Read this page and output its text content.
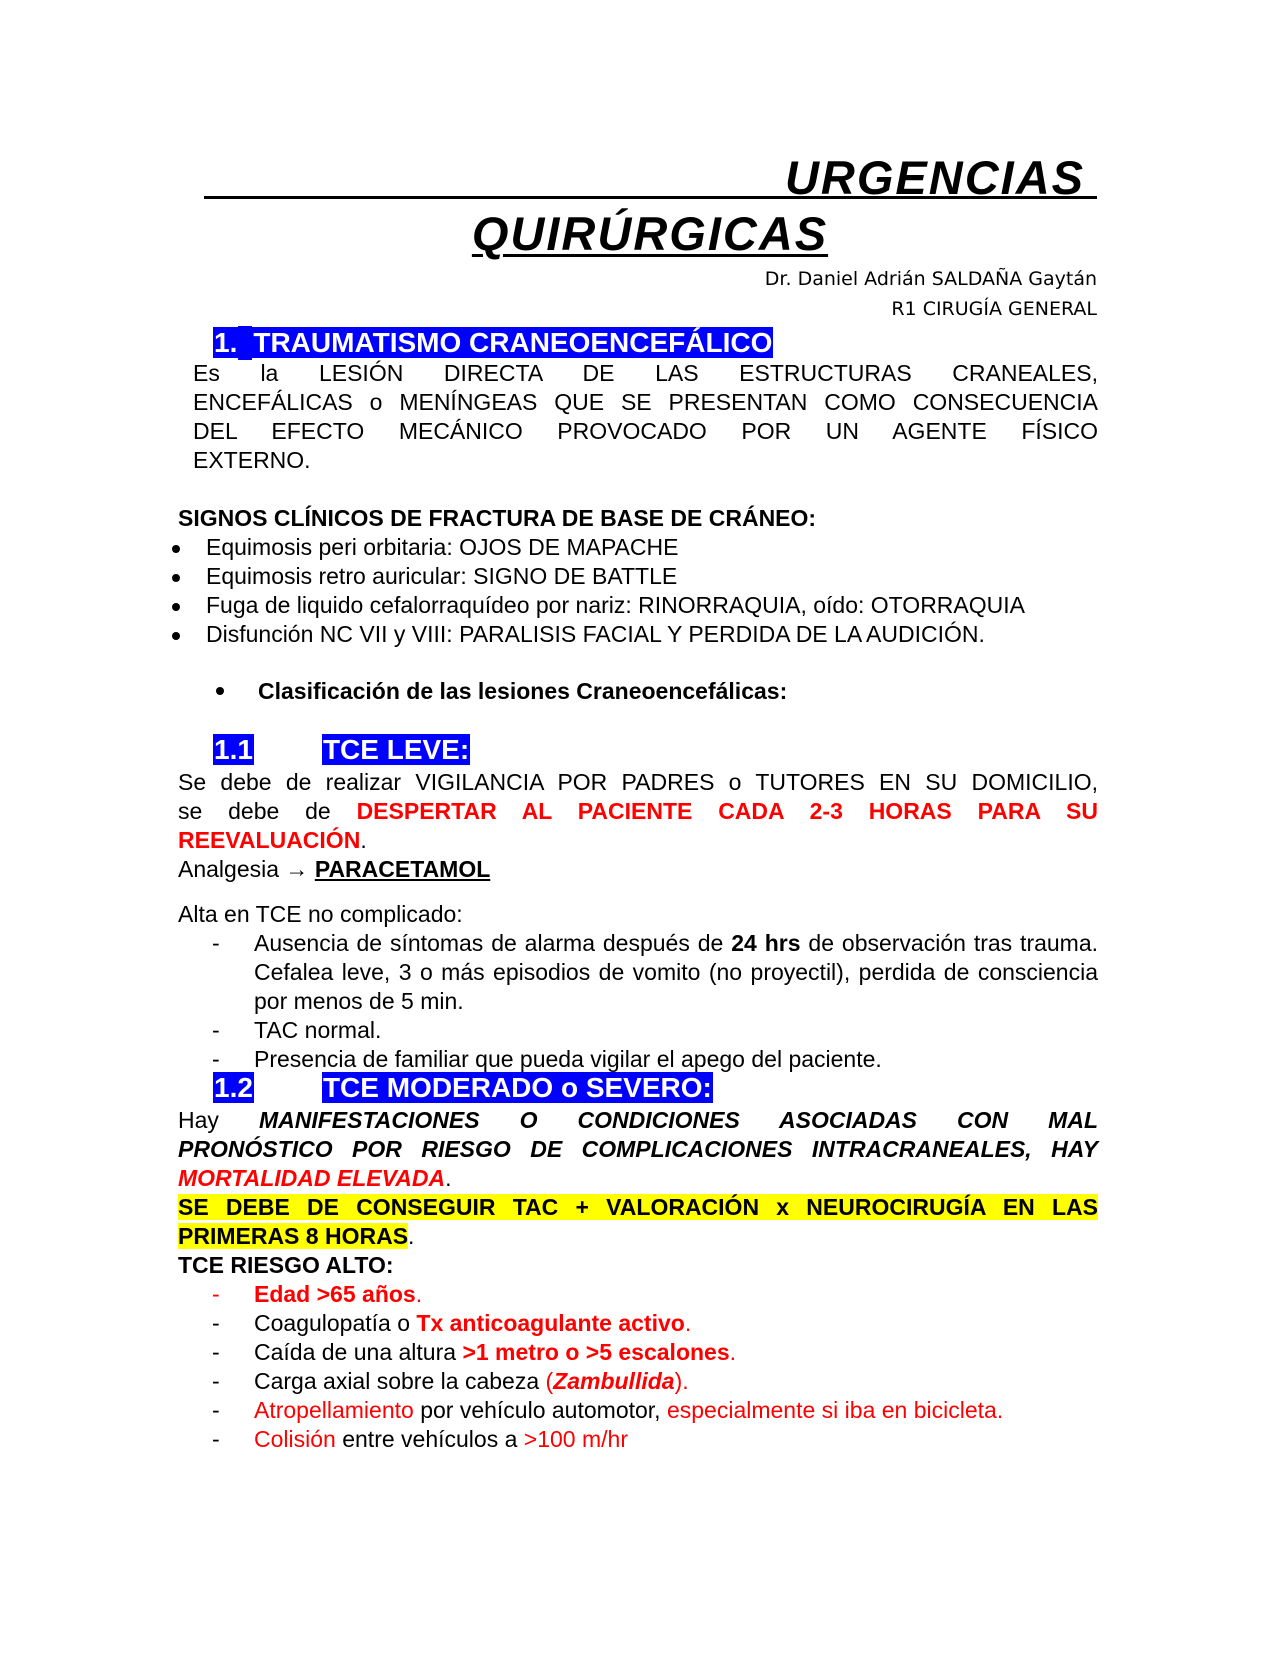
URGENCIAS
QUIRÚRGICAS
Dr. Daniel Adrián SALDAÑA Gaytán
R1 CIRUGÍA GENERAL
1. TRAUMATISMO CRANEOENCEFÁLICO
Es la LESIÓN DIRECTA DE LAS ESTRUCTURAS CRANEALES,
ENCEFÁLICAS o MENÍNGEAS QUE SE PRESENTAN COMO CONSECUENCIA
DEL EFECTO MECÁNICO PROVOCADO POR UN AGENTE FÍSICO
EXTERNO.
SIGNOS CLÍNICOS DE FRACTURA DE BASE DE CRÁNEO:
Equimosis peri orbitaria: OJOS DE MAPACHE
Equimosis retro auricular: SIGNO DE BATTLE
Fuga de liquido cefalorraquídeo por nariz: RINORRAQUIA, oído: OTORRAQUIA
Disfunción NC VII y VIII: PARALISIS FACIAL Y PERDIDA DE LA AUDICIÓN.
Clasificación de las lesiones Craneoencefálicas:
1.1	TCE LEVE:
Se debe de realizar VIGILANCIA POR PADRES o TUTORES EN SU DOMICILIO,
se debe de DESPERTAR AL PACIENTE CADA 2-3 HORAS PARA SU
REEVALUACIÓN.
Analgesia → PARACETAMOL
Alta en TCE no complicado:
- Ausencia de síntomas de alarma después de 24 hrs de observación tras trauma. Cefalea leve, 3 o más episodios de vomito (no proyectil), perdida de consciencia por menos de 5 min.
- TAC normal.
- Presencia de familiar que pueda vigilar el apego del paciente.
1.2	TCE MODERADO o SEVERO:
Hay MANIFESTACIONES O CONDICIONES ASOCIADAS CON MAL
PRONÓSTICO POR RIESGO DE COMPLICACIONES INTRACRANEALES, HAY
MORTALIDAD ELEVADA.
SE DEBE DE CONSEGUIR TAC + VALORACIÓN x NEUROCIRUGÍA EN LAS
PRIMERAS 8 HORAS.
TCE RIESGO ALTO:
- Edad >65 años.
- Coagulopatía o Tx anticoagulante activo.
- Caída de una altura >1 metro o >5 escalones.
- Carga axial sobre la cabeza (Zambullida).
- Atropellamiento por vehículo automotor, especialmente si iba en bicicleta.
- Colisión entre vehículos a >100 m/hr
